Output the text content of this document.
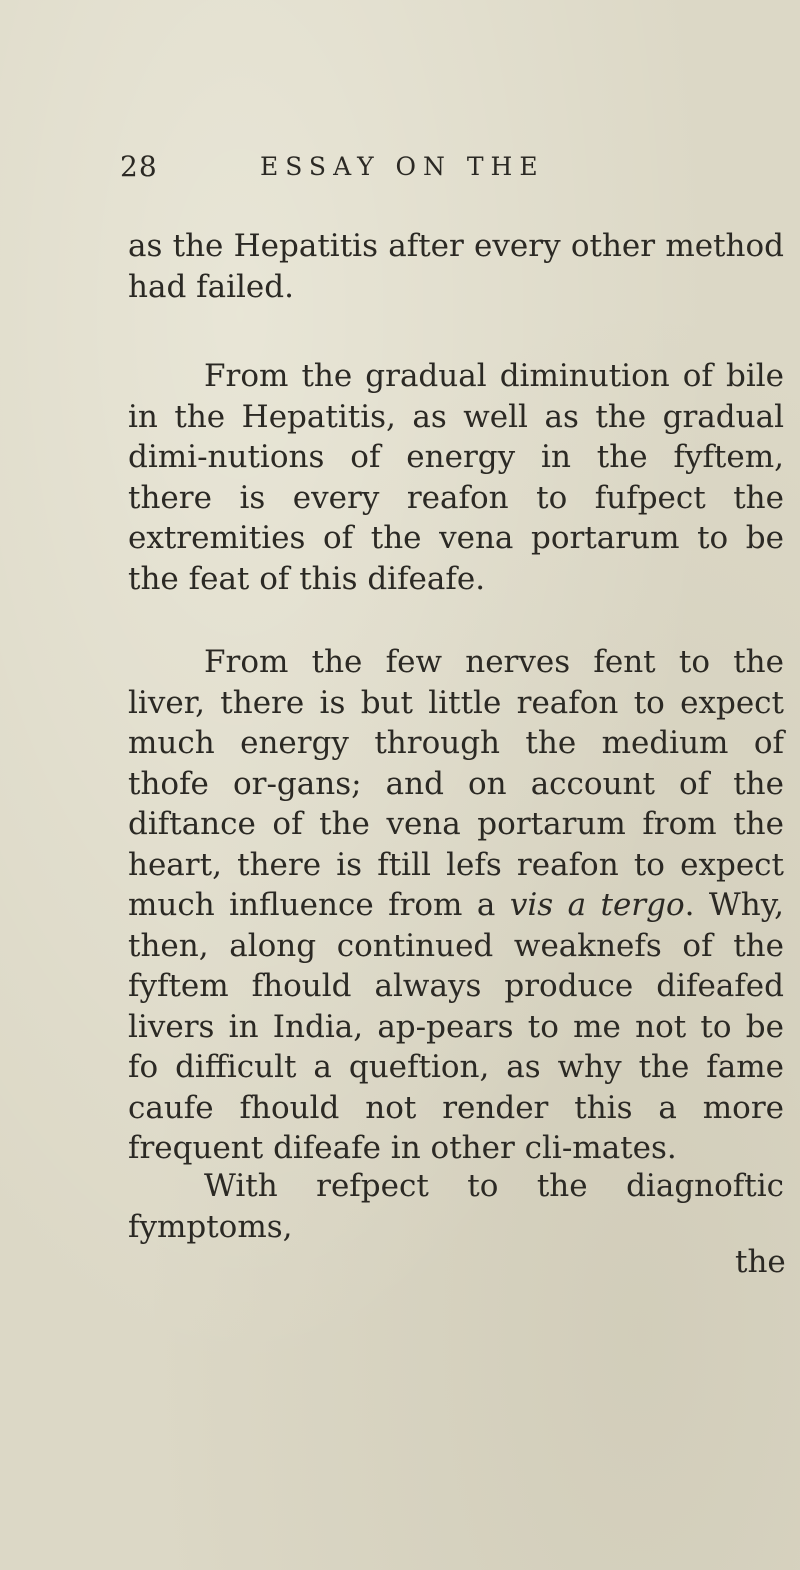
28	ESSAY ON THE

as the Hepatitis after every other method had failed.

From the gradual diminution of bile in the Hepatitis, as well as the gradual dimi-nutions of energy in the fyftem, there is every reafon to fufpect the extremities of the vena portarum to be the feat of this difeafe.

From the few nerves fent to the liver, there is but little reafon to expect much energy through the medium of thofe or-gans; and on account of the diftance of the vena portarum from the heart, there is ftill lefs reafon to expect much influence from a vis a tergo. Why, then, along continued weaknefs of the fyftem fhould always produce difeafed livers in India, ap-pears to me not to be fo difficult a queftion, as why the fame caufe fhould not render this a more frequent difeafe in other cli-mates.

With refpect to the diagnoftic fymptoms,

the
